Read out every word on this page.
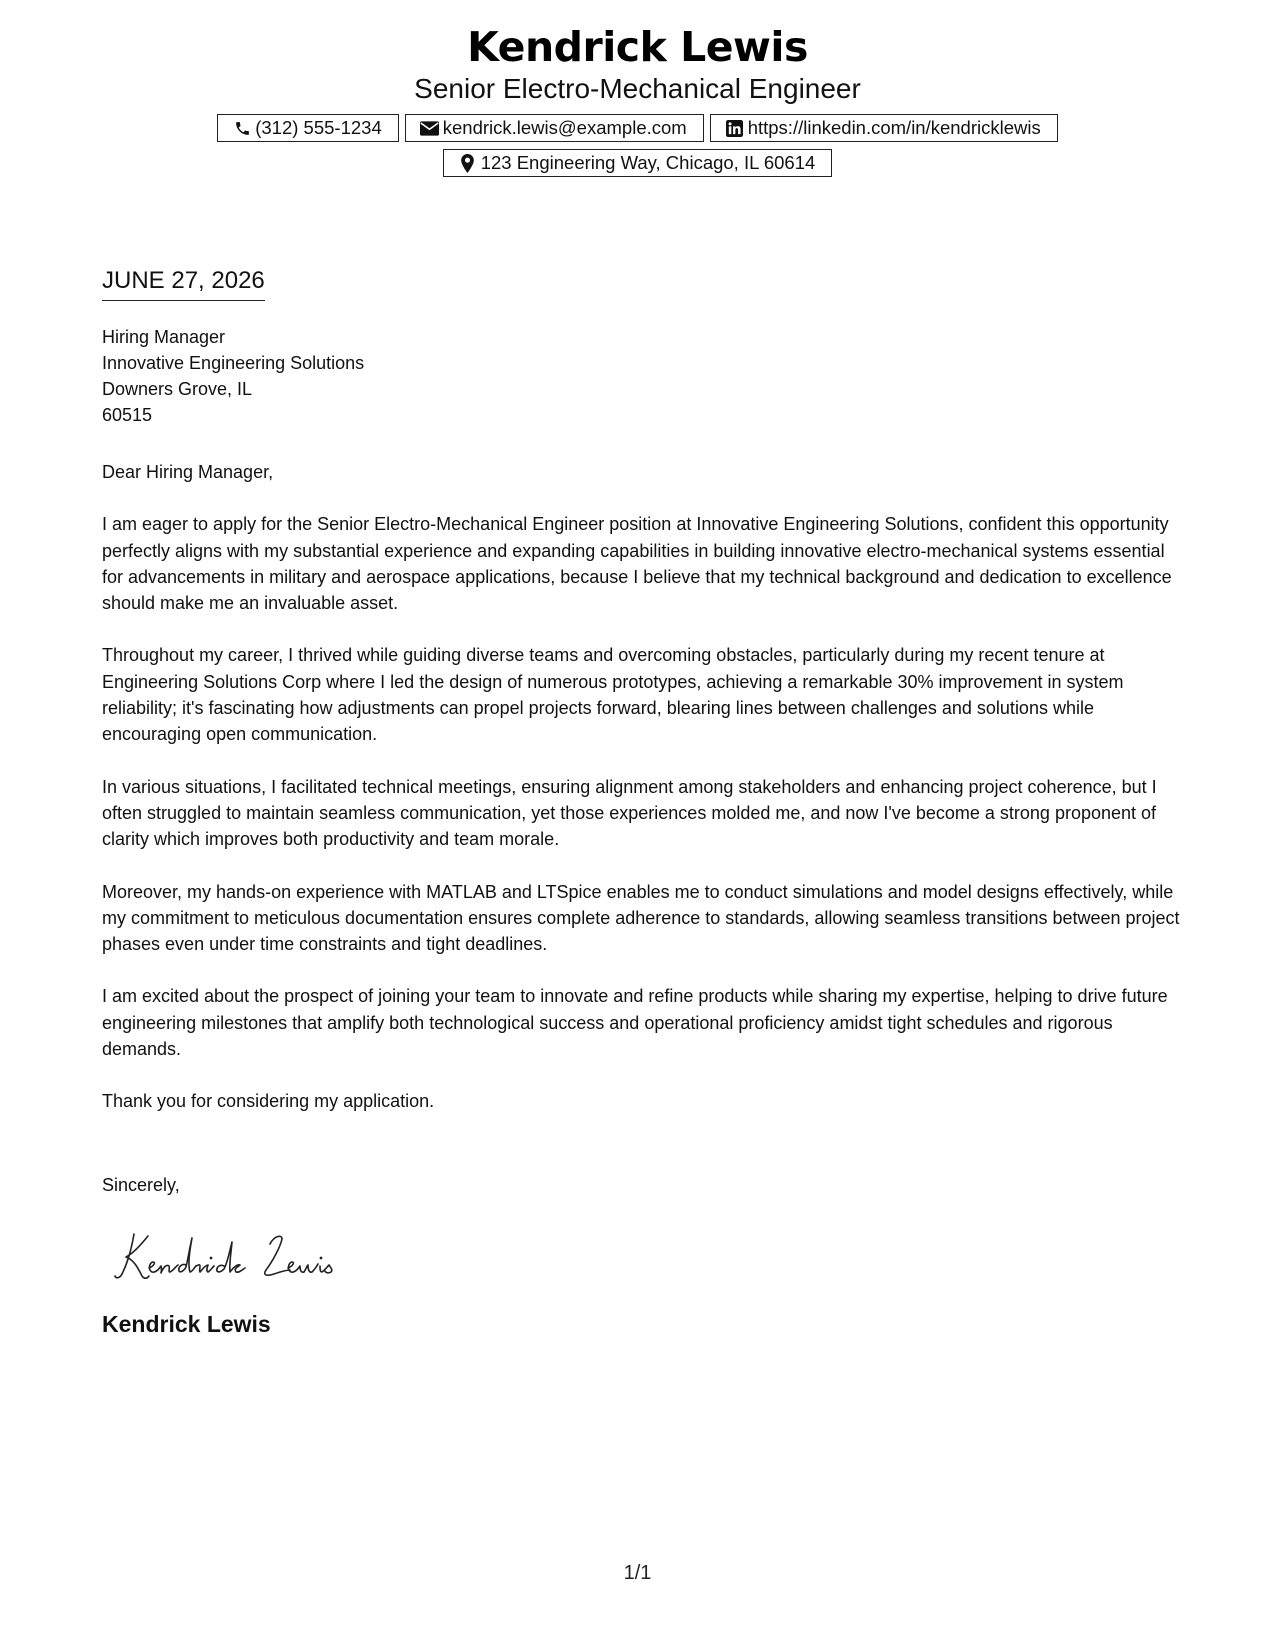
Kendrick Lewis
Senior Electro-Mechanical Engineer
(312) 555-1234	kendrick.lewis@example.com	https://linkedin.com/in/kendricklewis
123 Engineering Way, Chicago, IL 60614
JUNE 27, 2026
Hiring Manager
Innovative Engineering Solutions
Downers Grove, IL
60515

Dear Hiring Manager,

I am eager to apply for the Senior Electro-Mechanical Engineer position at Innovative Engineering Solutions, confident this opportunity perfectly aligns with my substantial experience and expanding capabilities in building innovative electro-mechanical systems essential for advancements in military and aerospace applications, because I believe that my technical background and dedication to excellence should make me an invaluable asset.

Throughout my career, I thrived while guiding diverse teams and overcoming obstacles, particularly during my recent tenure at Engineering Solutions Corp where I led the design of numerous prototypes, achieving a remarkable 30% improvement in system reliability; it's fascinating how adjustments can propel projects forward, blearing lines between challenges and solutions while encouraging open communication.

In various situations, I facilitated technical meetings, ensuring alignment among stakeholders and enhancing project coherence, but I often struggled to maintain seamless communication, yet those experiences molded me, and now I've become a strong proponent of clarity which improves both productivity and team morale.

Moreover, my hands-on experience with MATLAB and LTSpice enables me to conduct simulations and model designs effectively, while my commitment to meticulous documentation ensures complete adherence to standards, allowing seamless transitions between project phases even under time constraints and tight deadlines.

I am excited about the prospect of joining your team to innovate and refine products while sharing my expertise, helping to drive future engineering milestones that amplify both technological success and operational proficiency amidst tight schedules and rigorous demands.

Thank you for considering my application.

Sincerely,
Kendrick Lewis
1/1
